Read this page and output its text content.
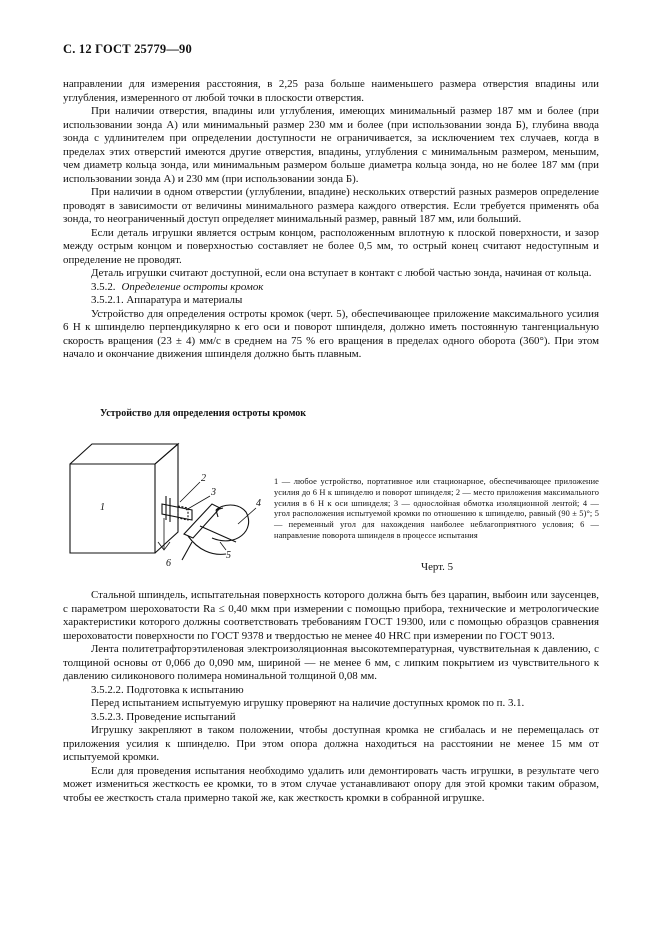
С. 12 ГОСТ 25779—90

направлении для измерения расстояния, в 2,25 раза больше наименьшего размера отверстия впадины или углубления, измеренного от любой точки в плоскости отверстия.

При наличии отверстия, впадины или углубления, имеющих минимальный размер 187 мм и более (при использовании зонда А) или минимальный размер 230 мм и более (при использовании зонда Б), глубина ввода зонда с удлинителем при определении доступности не ограничивается, за исключением тех случаев, когда в пределах этих отверстий имеются другие отверстия, впадины, углубления с минимальным размером, меньшим, чем диаметр кольца зонда, или минимальным размером больше диаметра кольца зонда, но не более 187 мм (при использовании зонда А) и 230 мм (при использовании зонда Б).

При наличии в одном отверстии (углублении, впадине) нескольких отверстий разных размеров определение проводят в зависимости от величины минимального размера каждого отверстия. Если требуется применять оба зонда, то неограниченный доступ определяет минимальный размер, равный 187 мм, или больший.

Если деталь игрушки является острым концом, расположенным вплотную к плоской поверхности, и зазор между острым концом и поверхностью составляет не более 0,5 мм, то острый конец считают недоступным и определение не проводят.

Деталь игрушки считают доступной, если она вступает в контакт с любой частью зонда, начиная от кольца.

3.5.2. Определение остроты кромок

3.5.2.1. Аппаратура и материалы

Устройство для определения остроты кромок (черт. 5), обеспечивающее приложение максимального усилия 6 Н к шпинделю перпендикулярно к его оси и поворот шпинделя, должно иметь постоянную тангенциальную скорость вращения (23 ± 4) мм/с в среднем на 75 % его вращения в пределах одного оборота (360°). При этом начало и окончание движения шпинделя должно быть плавным.

Устройство для определения остроты кромок
1
2
3
4
5
6
1 — любое устройство, портативное или стационарное, обеспечивающее приложение усилия до 6 Н к шпинделю и поворот шпинделя; 2 — место приложения максимального усилия в 6 Н к оси шпинделя; 3 — однослойная обмотка изоляционной лентой; 4 — угол расположения испытуемой кромки по отношению к шпинделю, равный (90 ± 5)°; 5 — переменный угол для нахождения наиболее неблагоприятного условия; 6 — направление поворота шпинделя в процессе испытания
Черт. 5

Стальной шпиндель, испытательная поверхность которого должна быть без царапин, выбоин или заусенцев, с параметром шероховатости Ra ≤ 0,40 мкм при измерении с помощью прибора, технические и метрологические характеристики которого должны соответствовать требованиям ГОСТ 19300, или с помощью образцов сравнения шероховатости поверхности по ГОСТ 9378 и твердостью не менее 40 HRC при измерении по ГОСТ 9013.

Лента политетрафторэтиленовая электроизоляционная высокотемпературная, чувствительная к давлению, с толщиной основы от 0,066 до 0,090 мм, шириной — не менее 6 мм, с липким покрытием из чувствительного к давлению силиконового полимера номинальной толщиной 0,08 мм.

3.5.2.2. Подготовка к испытанию

Перед испытанием испытуемую игрушку проверяют на наличие доступных кромок по п. 3.1.

3.5.2.3. Проведение испытаний

Игрушку закрепляют в таком положении, чтобы доступная кромка не сгибалась и не перемещалась от приложения усилия к шпинделю. При этом опора должна находиться на расстоянии не менее 15 мм от испытуемой кромки.

Если для проведения испытания необходимо удалить или демонтировать часть игрушки, в результате чего может измениться жесткость ее кромки, то в этом случае устанавливают опору для этой кромки таким образом, чтобы ее жесткость стала примерно такой же, как жесткость кромки в собранной игрушке.
